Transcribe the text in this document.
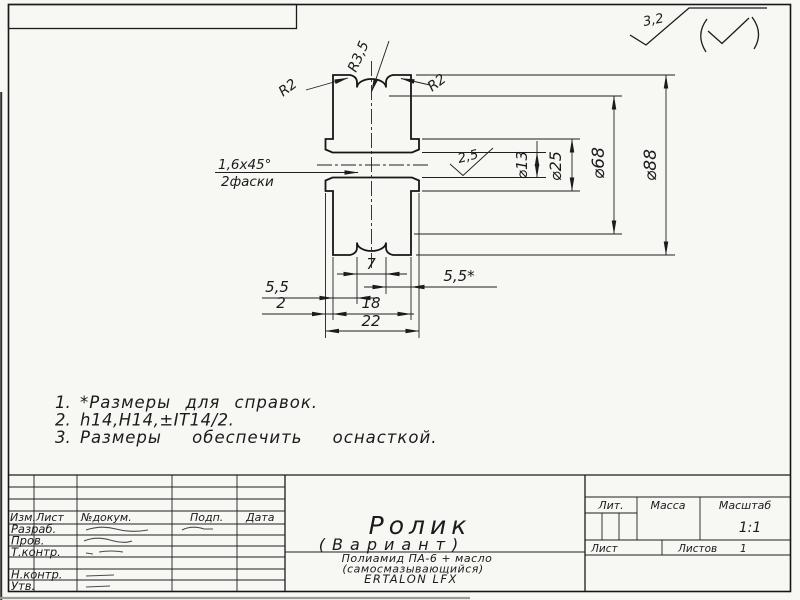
3,2
R3,5
R2	R2
1,6x45°
2фаски
2,5	⌀88
⌀68
⌀25
⌀13
7
5,5*
5,5
2	18
22
1. *Размеры для справок.
2. h14,H14,±IT14/2.
3. Размеры обеспечить оснасткой.
Изм. Лист №докум.	Подп. Дата
Разраб.
Пров.
Т.контр.
Н.контр.
Утв.
Ролик
(Вариант)
Полиамид ПА-6 + масло
(самосмазывающийся)
ERTALON LFX
Лит. Масса	Масштаб
1:1
Лист	Листов 1
